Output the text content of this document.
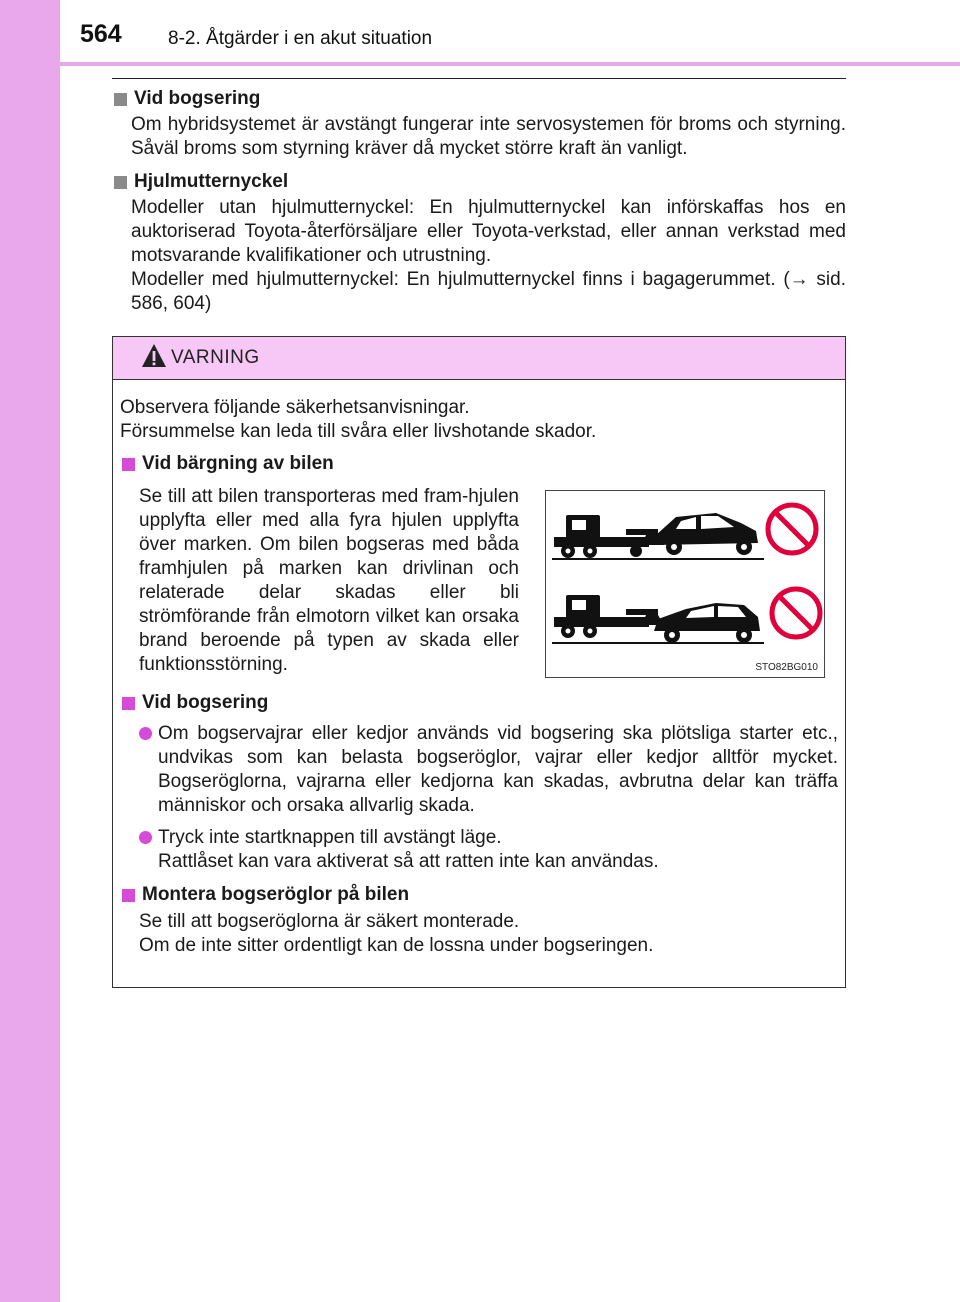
564 8-2. Åtgärder i en akut situation
Vid bogsering
Om hybridsystemet är avstängt fungerar inte servosystemen för broms och styrning. Såväl broms som styrning kräver då mycket större kraft än vanligt.
Hjulmutternyckel
Modeller utan hjulmutternyckel: En hjulmutternyckel kan införskaffas hos en auktoriserad Toyota-återförsäljare eller Toyota-verkstad, eller annan verkstad med motsvarande kvalifikationer och utrustning.
Modeller med hjulmutternyckel: En hjulmutternyckel finns i bagagerummet. (→ sid. 586, 604)
VARNING
Observera följande säkerhetsanvisningar.
Försummelse kan leda till svåra eller livshotande skador.
Vid bärgning av bilen
Se till att bilen transporteras med fram-hjulen upplyfta eller med alla fyra hjulen upplyfta över marken. Om bilen bogseras med båda framhjulen på marken kan drivlinan och relaterade delar skadas eller bli strömförande från elmotorn vilket kan orsaka brand beroende på typen av skada eller funktionsstörning.	STO82BG010
Vid bogsering
Om bogservajrar eller kedjor används vid bogsering ska plötsliga starter etc., undvikas som kan belasta bogseröglor, vajrar eller kedjor alltför mycket. Bogseröglorna, vajrarna eller kedjorna kan skadas, avbrutna delar kan träffa människor och orsaka allvarlig skada.
Tryck inte startknappen till avstängt läge.
Rattlåset kan vara aktiverat så att ratten inte kan användas.
Montera bogseröglor på bilen
Se till att bogseröglorna är säkert monterade.
Om de inte sitter ordentligt kan de lossna under bogseringen.
